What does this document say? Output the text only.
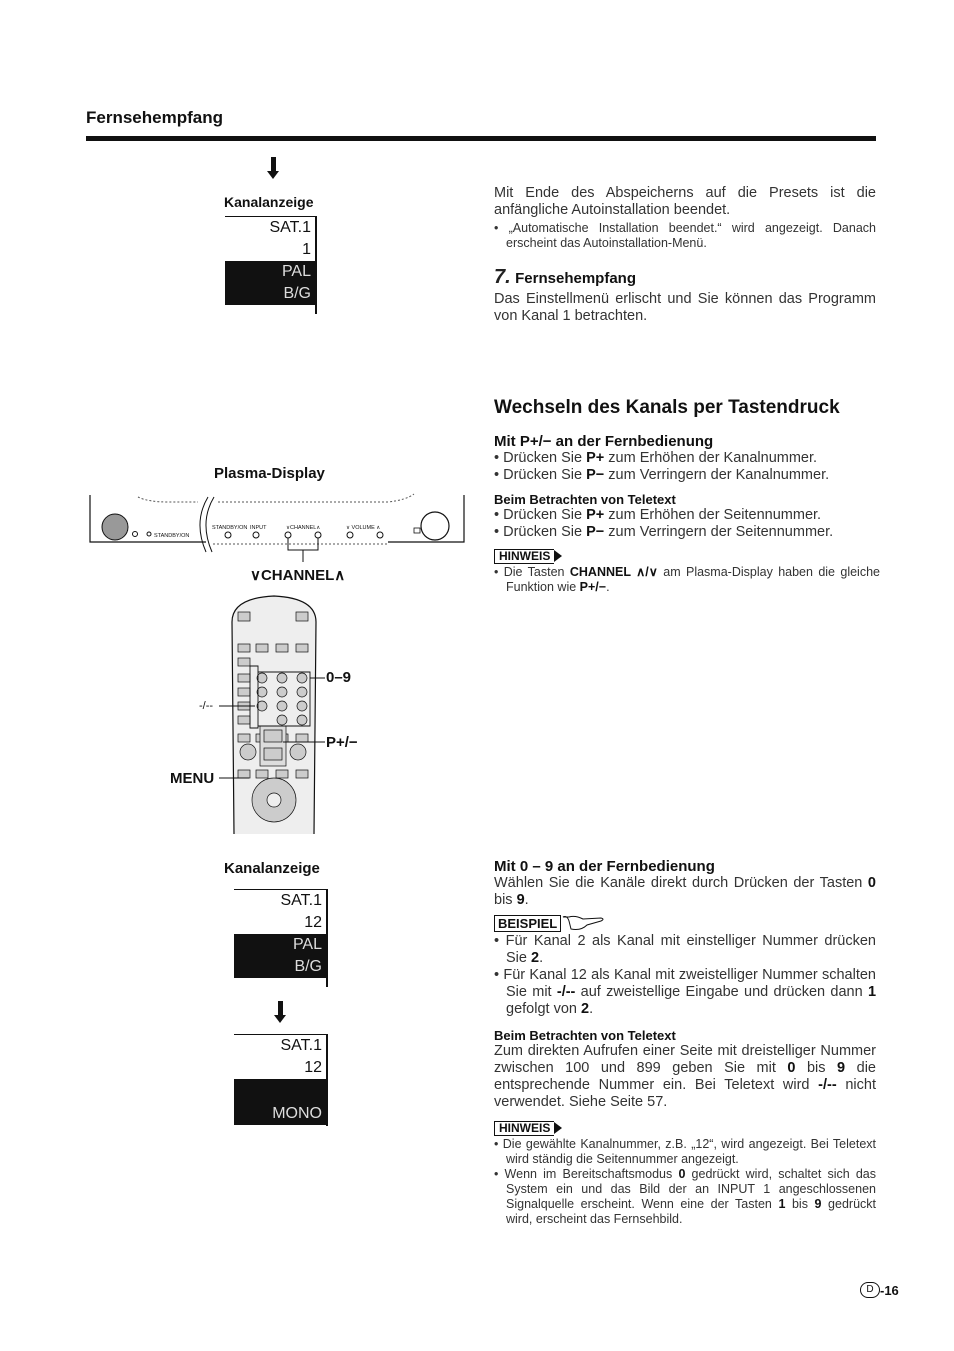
Fernsehempfang
Kanalanzeige
SAT.1
1
PAL
B/G
Plasma-Display
STANDBY/ON
STANDBY/ON INPUT	∨CHANNEL∧	∨ VOLUME ∧
∨CHANNEL∧
0–9
-/--
P+/−
MENU
Kanalanzeige
SAT.1
12
PAL
B/G
SAT.1
12
MONO
Mit Ende des Abspeicherns auf die Presets ist die anfängliche Autoinstallation beendet.
• „Automatische Installation beendet.“ wird angezeigt. Danach erscheint das Autoinstallation-Menü.
7. Fernsehempfang
Das Einstellmenü erlischt und Sie können das Programm von Kanal 1 betrachten.
Wechseln des Kanals per Tastendruck
Mit P+/− an der Fernbedienung
• Drücken Sie P+ zum Erhöhen der Kanalnummer.
• Drücken Sie P− zum Verringern der Kanalnummer.
Beim Betrachten von Teletext
• Drücken Sie P+ zum Erhöhen der Seitennummer.
• Drücken Sie P− zum Verringern der Seitennummer.
HINWEIS
• Die Tasten CHANNEL ∧/∨ am Plasma-Display haben die gleiche Funktion wie P+/−.
Mit 0 – 9 an der Fernbedienung
Wählen Sie die Kanäle direkt durch Drücken der Tasten 0 bis 9.
BEISPIEL
• Für Kanal 2 als Kanal mit einstelliger Nummer drücken Sie 2.
• Für Kanal 12 als Kanal mit zweistelliger Nummer schalten Sie mit -/-- auf zweistellige Eingabe und drücken dann 1 gefolgt von 2.
Beim Betrachten von Teletext
Zum direkten Aufrufen einer Seite mit dreistelliger Nummer zwischen 100 und 899 geben Sie mit 0 bis 9 die entsprechende Nummer ein. Bei Teletext wird -/-- nicht verwendet. Siehe Seite 57.
HINWEIS
• Die gewählte Kanalnummer, z.B. „12“, wird angezeigt. Bei Teletext wird ständig die Seitennummer angezeigt.
• Wenn im Bereitschaftsmodus 0 gedrückt wird, schaltet sich das System ein und das Bild der an INPUT 1 angeschlossenen Signalquelle erscheint. Wenn eine der Tasten 1 bis 9 gedrückt wird, erscheint das Fernsehbild.
D -16
